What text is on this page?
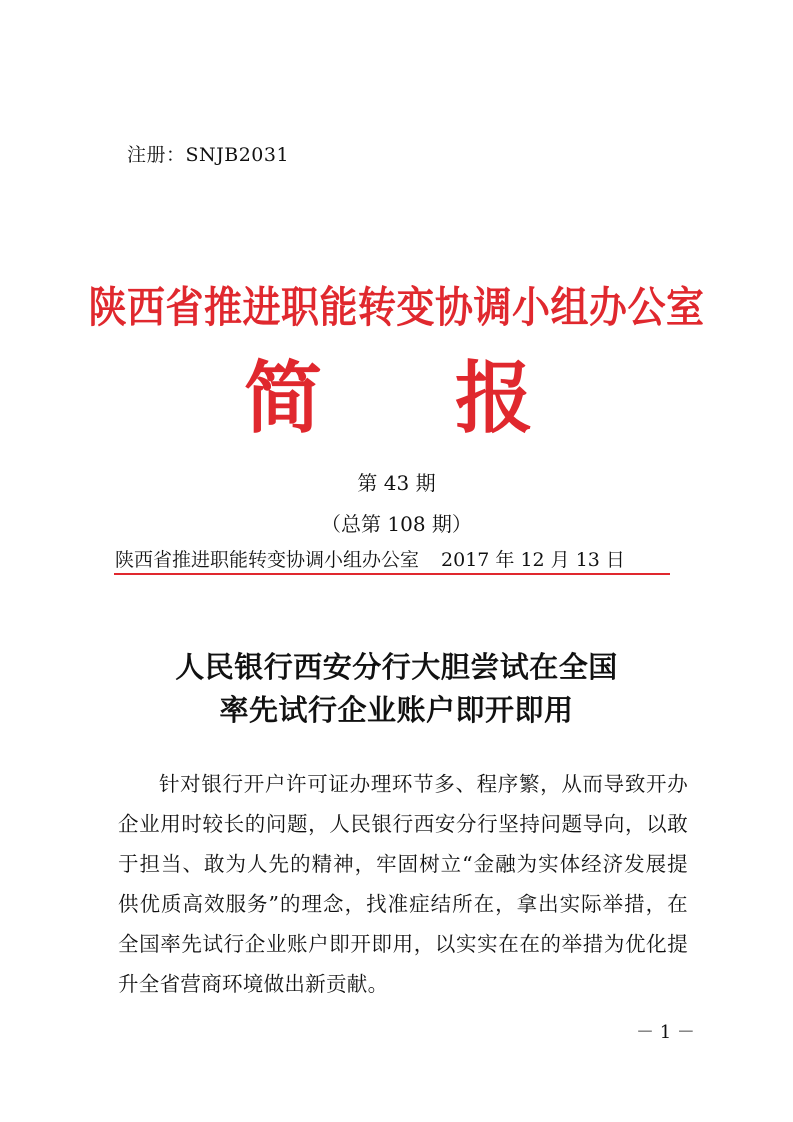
注册：SNJB2031
陕西省推进职能转变协调小组办公室
简 报
第 43 期
（总第 108 期）
陕西省推进职能转变协调小组办公室 2017 年 12 月 13 日
人民银行西安分行大胆尝试在全国
率先试行企业账户即开即用
针对银行开户许可证办理环节多、程序繁，从而导致开办企业用时较长的问题，人民银行西安分行坚持问题导向，以敢于担当、敢为人先的精神，牢固树立“金融为实体经济发展提供优质高效服务”的理念，找准症结所在，拿出实际举措，在全国率先试行企业账户即开即用，以实实在在的举措为优化提升全省营商环境做出新贡献。
－ 1 －
